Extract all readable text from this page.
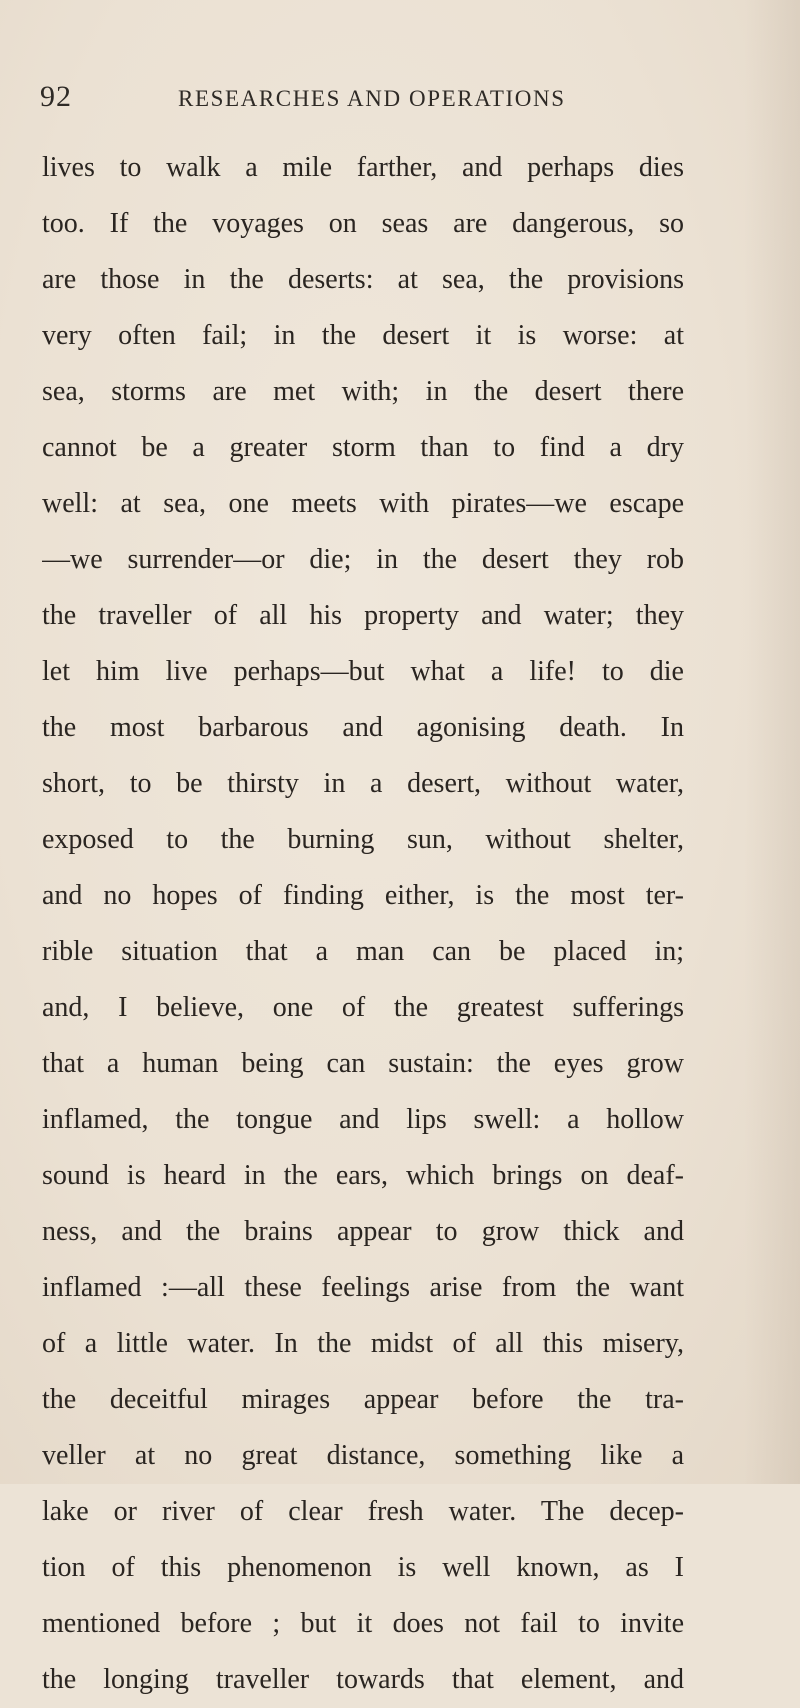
92	RESEARCHES AND OPERATIONS
lives to walk a mile farther, and perhaps dies
too. If the voyages on seas are dangerous, so
are those in the deserts: at sea, the provisions
very often fail; in the desert it is worse: at
sea, storms are met with; in the desert there
cannot be a greater storm than to find a dry
well: at sea, one meets with pirates—we escape
—we surrender—or die; in the desert they rob
the traveller of all his property and water; they
let him live perhaps—but what a life! to die
the most barbarous and agonising death. In
short, to be thirsty in a desert, without water,
exposed to the burning sun, without shelter,
and no hopes of finding either, is the most ter-
rible situation that a man can be placed in;
and, I believe, one of the greatest sufferings
that a human being can sustain: the eyes grow
inflamed, the tongue and lips swell: a hollow
sound is heard in the ears, which brings on deaf-
ness, and the brains appear to grow thick and
inflamed :—all these feelings arise from the want
of a little water. In the midst of all this misery,
the deceitful mirages appear before the tra-
veller at no great distance, something like a
lake or river of clear fresh water. The decep-
tion of this phenomenon is well known, as I
mentioned before ; but it does not fail to invite
the longing traveller towards that element, and
